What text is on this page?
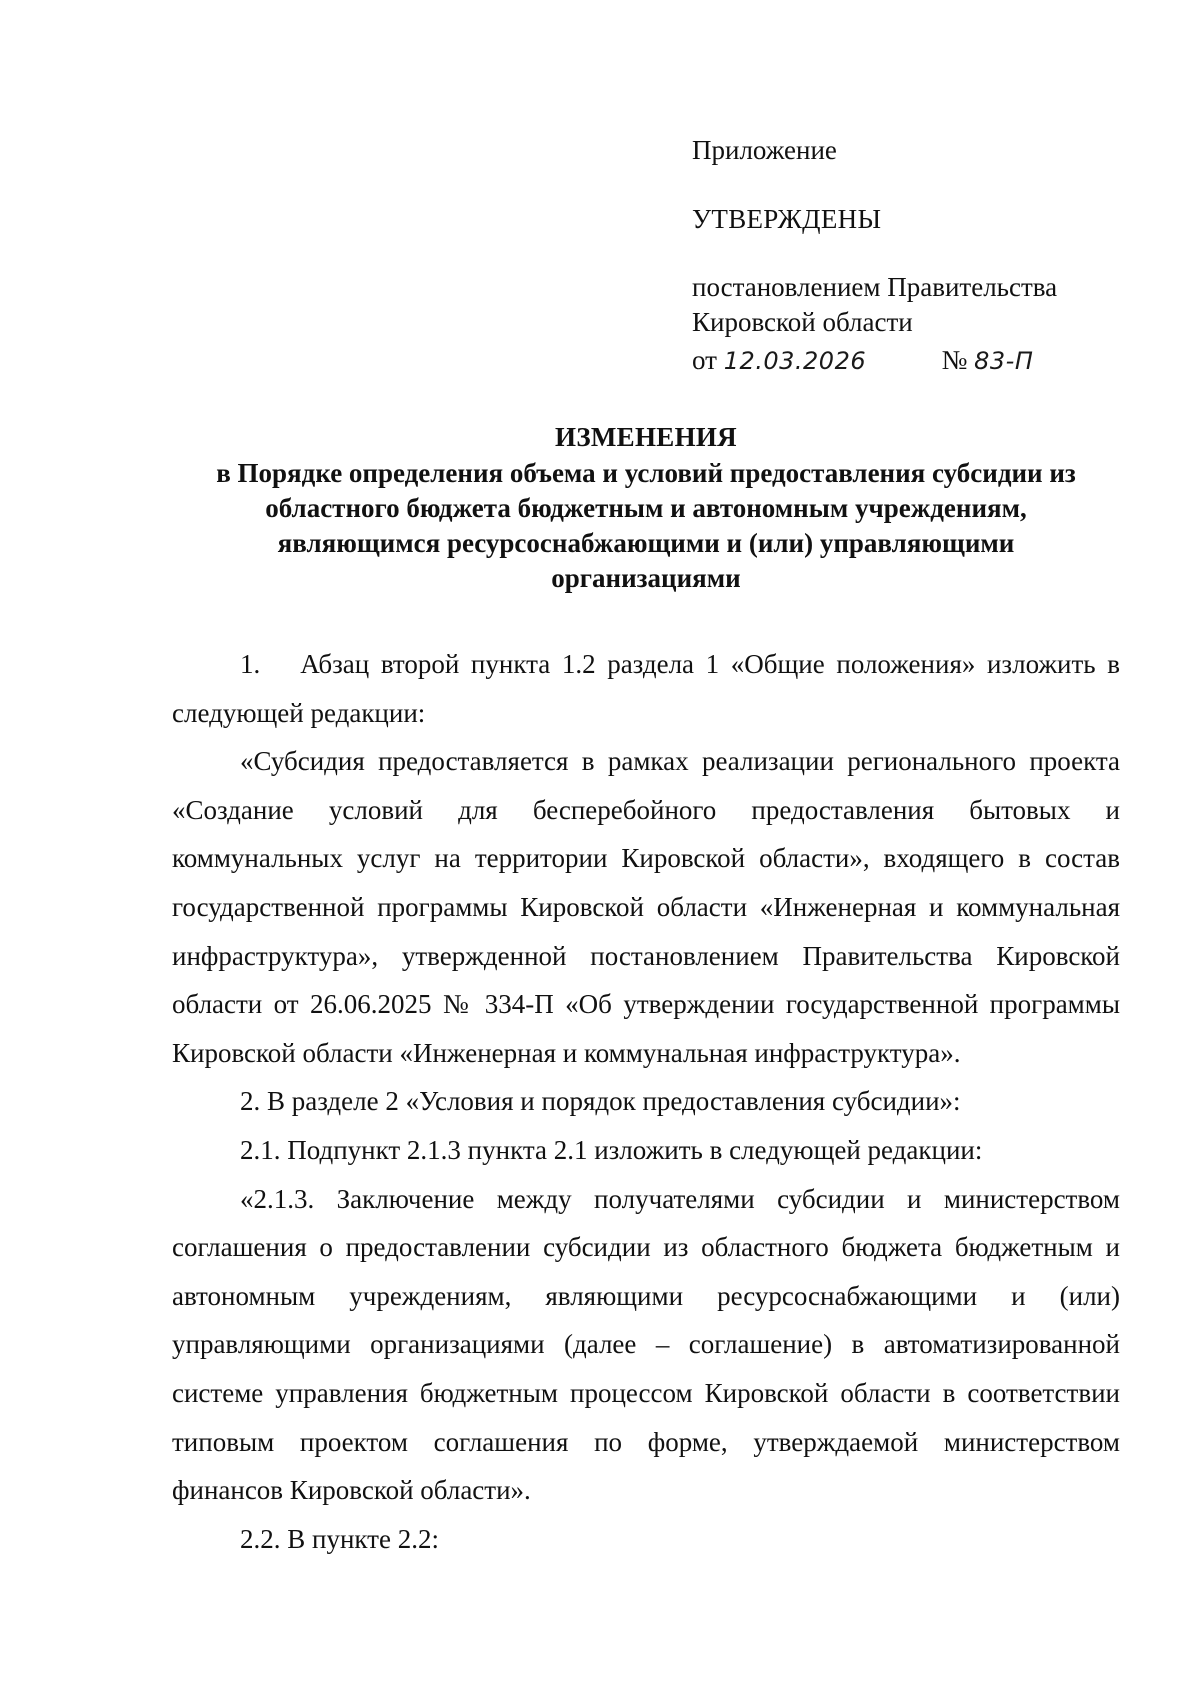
Приложение

УТВЕРЖДЕНЫ

постановлением Правительства

Кировской области

от 12.03.2026	№ 83-П

ИЗМЕНЕНИЯ

в Порядке определения объема и условий предоставления субсидии из

областного бюджета бюджетным и автономным учреждениям,

являющимся ресурсоснабжающими и (или) управляющими

организациями

1. Абзац второй пункта 1.2 раздела 1 «Общие положения» изложить в следующей редакции:

«Субсидия предоставляется в рамках реализации регионального проекта «Создание условий для бесперебойного предоставления бытовых и коммунальных услуг на территории Кировской области», входящего в состав государственной программы Кировской области «Инженерная и коммунальная инфраструктура», утвержденной постановлением Правительства Кировской области от 26.06.2025 № 334-П «Об утверждении государственной программы Кировской области «Инженерная и коммунальная инфраструктура».

2. В разделе 2 «Условия и порядок предоставления субсидии»:

2.1. Подпункт 2.1.3 пункта 2.1 изложить в следующей редакции:

«2.1.3. Заключение между получателями субсидии и министерством соглашения о предоставлении субсидии из областного бюджета бюджетным и автономным учреждениям, являющими ресурсоснабжающими и (или) управляющими организациями (далее – соглашение) в автоматизированной системе управления бюджетным процессом Кировской области в соответствии типовым проектом соглашения по форме, утверждаемой министерством финансов Кировской области».

2.2. В пункте 2.2:
